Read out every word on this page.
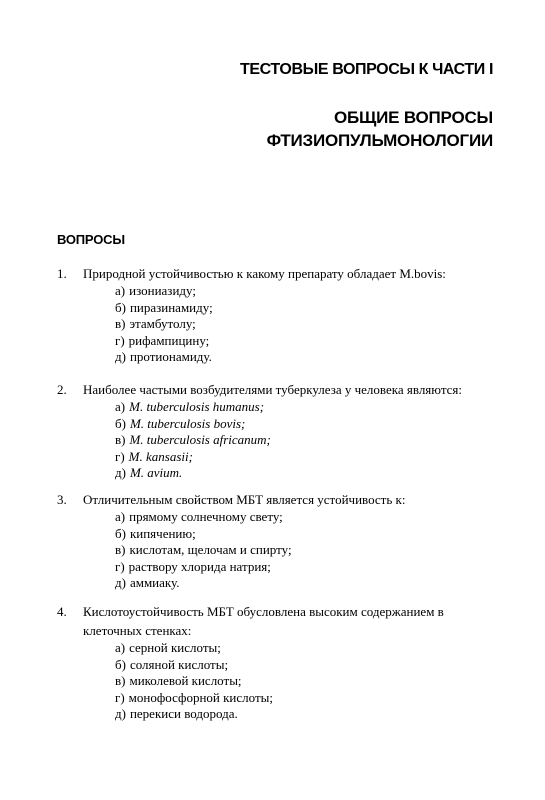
ТЕСТОВЫЕ ВОПРОСЫ К ЧАСТИ I
ОБЩИЕ ВОПРОСЫ
ФТИЗИОПУЛЬМОНОЛОГИИ
ВОПРОСЫ
1.	Природной устойчивостью к какому препарату обладает M.bovis:
а) изониазиду;
б) пиразинамиду;
в) этамбутолу;
г) рифампицину;
д) протионамиду.
2.	Наиболее частыми возбудителями туберкулеза у человека являются:
а) M. tuberculosis humanus;
б) M. tuberculosis bovis;
в) M. tuberculosis africanum;
г) M. kansasii;
д) M. avium.
3.	Отличительным свойством МБТ является устойчивость к:
а) прямому солнечному свету;
б) кипячению;
в) кислотам, щелочам и спирту;
г) раствору хлорида натрия;
д) аммиаку.
4.	Кислотоустойчивость МБТ обусловлена высоким содержанием в
клеточных стенках:
а) серной кислоты;
б) соляной кислоты;
в) миколевой кислоты;
г) монофосфорной кислоты;
д) перекиси водорода.
